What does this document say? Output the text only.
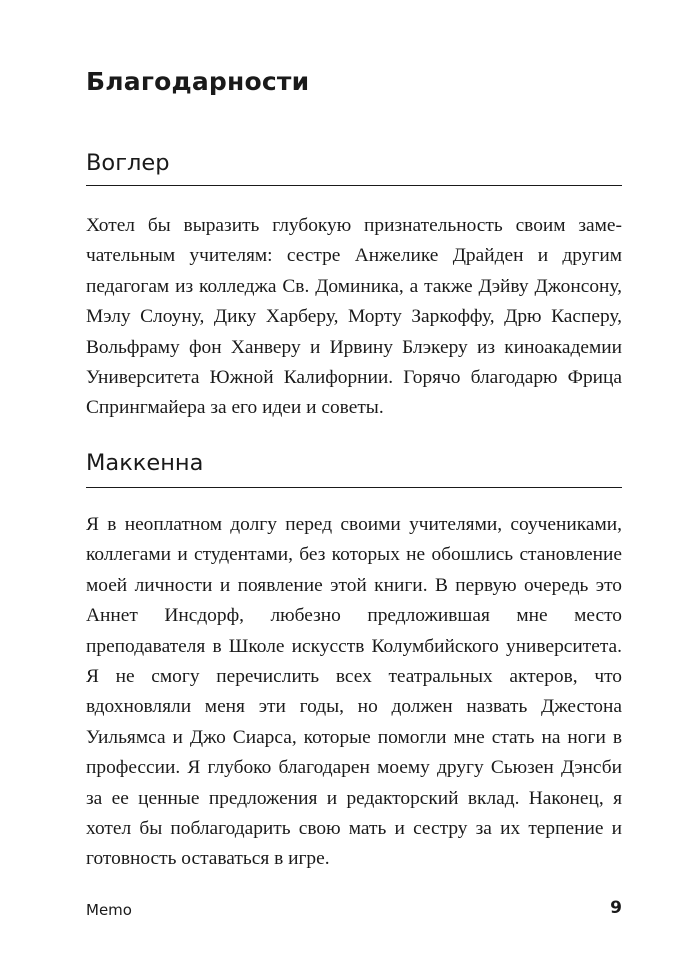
Благодарности
Воглер

Хотел бы выразить глубокую признательность своим замечательным учителям: сестре Анжелике Драйден и другим педагогам из колледжа Св. Доминика, а также Дэйву Джонсону, Мэлу Слоуну, Дику Харберу, Морту Заркоффу, Дрю Касперу, Вольфраму фон Ханверу и Ирвину Блэкеру из киноакадемии Университета Южной Калифорнии. Горячо благодарю Фрица Спрингмайера за его идеи и советы.

Маккенна

Я в неоплатном долгу перед своими учителями, соучениками, коллегами и студентами, без которых не обошлись становление моей личности и появление этой книги. В первую очередь это Аннет Инсдорф, любезно предложившая мне место преподавателя в Школе искусств Колумбийского университета. Я не смогу перечислить всех театральных актеров, что вдохновляли меня эти годы, но должен назвать Джестона Уильямса и Джо Сиарса, которые помогли мне стать на ноги в профессии. Я глубоко благодарен моему другу Сьюзен Дэнсби за ее ценные предложения и редакторский вклад. Наконец, я хотел бы поблагодарить свою мать и сестру за их терпение и готовность оставаться в игре.

Memo	9
